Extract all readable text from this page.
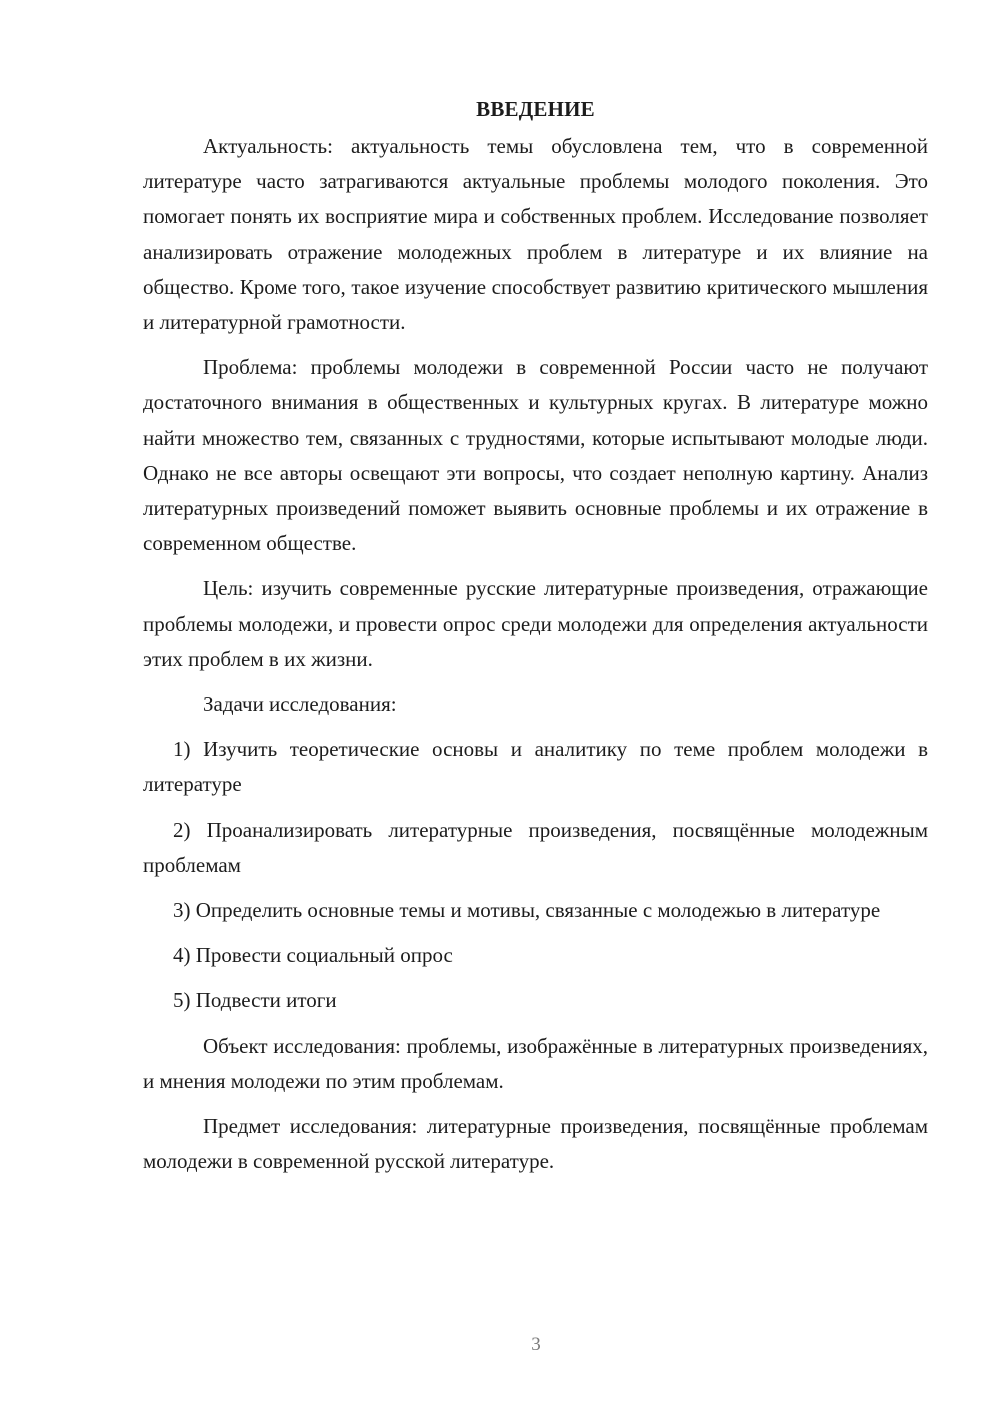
ВВЕДЕНИЕ

Актуальность: актуальность темы обусловлена тем, что в современной литературе часто затрагиваются актуальные проблемы молодого поколения. Это помогает понять их восприятие мира и собственных проблем. Исследование позволяет анализировать отражение молодежных проблем в литературе и их влияние на общество. Кроме того, такое изучение способствует развитию критического мышления и литературной грамотности.

Проблема: проблемы молодежи в современной России часто не получают достаточного внимания в общественных и культурных кругах. В литературе можно найти множество тем, связанных с трудностями, которые испытывают молодые люди. Однако не все авторы освещают эти вопросы, что создает неполную картину. Анализ литературных произведений поможет выявить основные проблемы и их отражение в современном обществе.

Цель: изучить современные русские литературные произведения, отражающие проблемы молодежи, и провести опрос среди молодежи для определения актуальности этих проблем в их жизни.

Задачи исследования:

1) Изучить теоретические основы и аналитику по теме проблем молодежи в литературе

2) Проанализировать литературные произведения, посвящённые молодежным проблемам

3) Определить основные темы и мотивы, связанные с молодежью в литературе

4) Провести социальный опрос

5) Подвести итоги

Объект исследования: проблемы, изображённые в литературных произведениях, и мнения молодежи по этим проблемам.

Предмет исследования: литературные произведения, посвящённые проблемам молодежи в современной русской литературе.

3
